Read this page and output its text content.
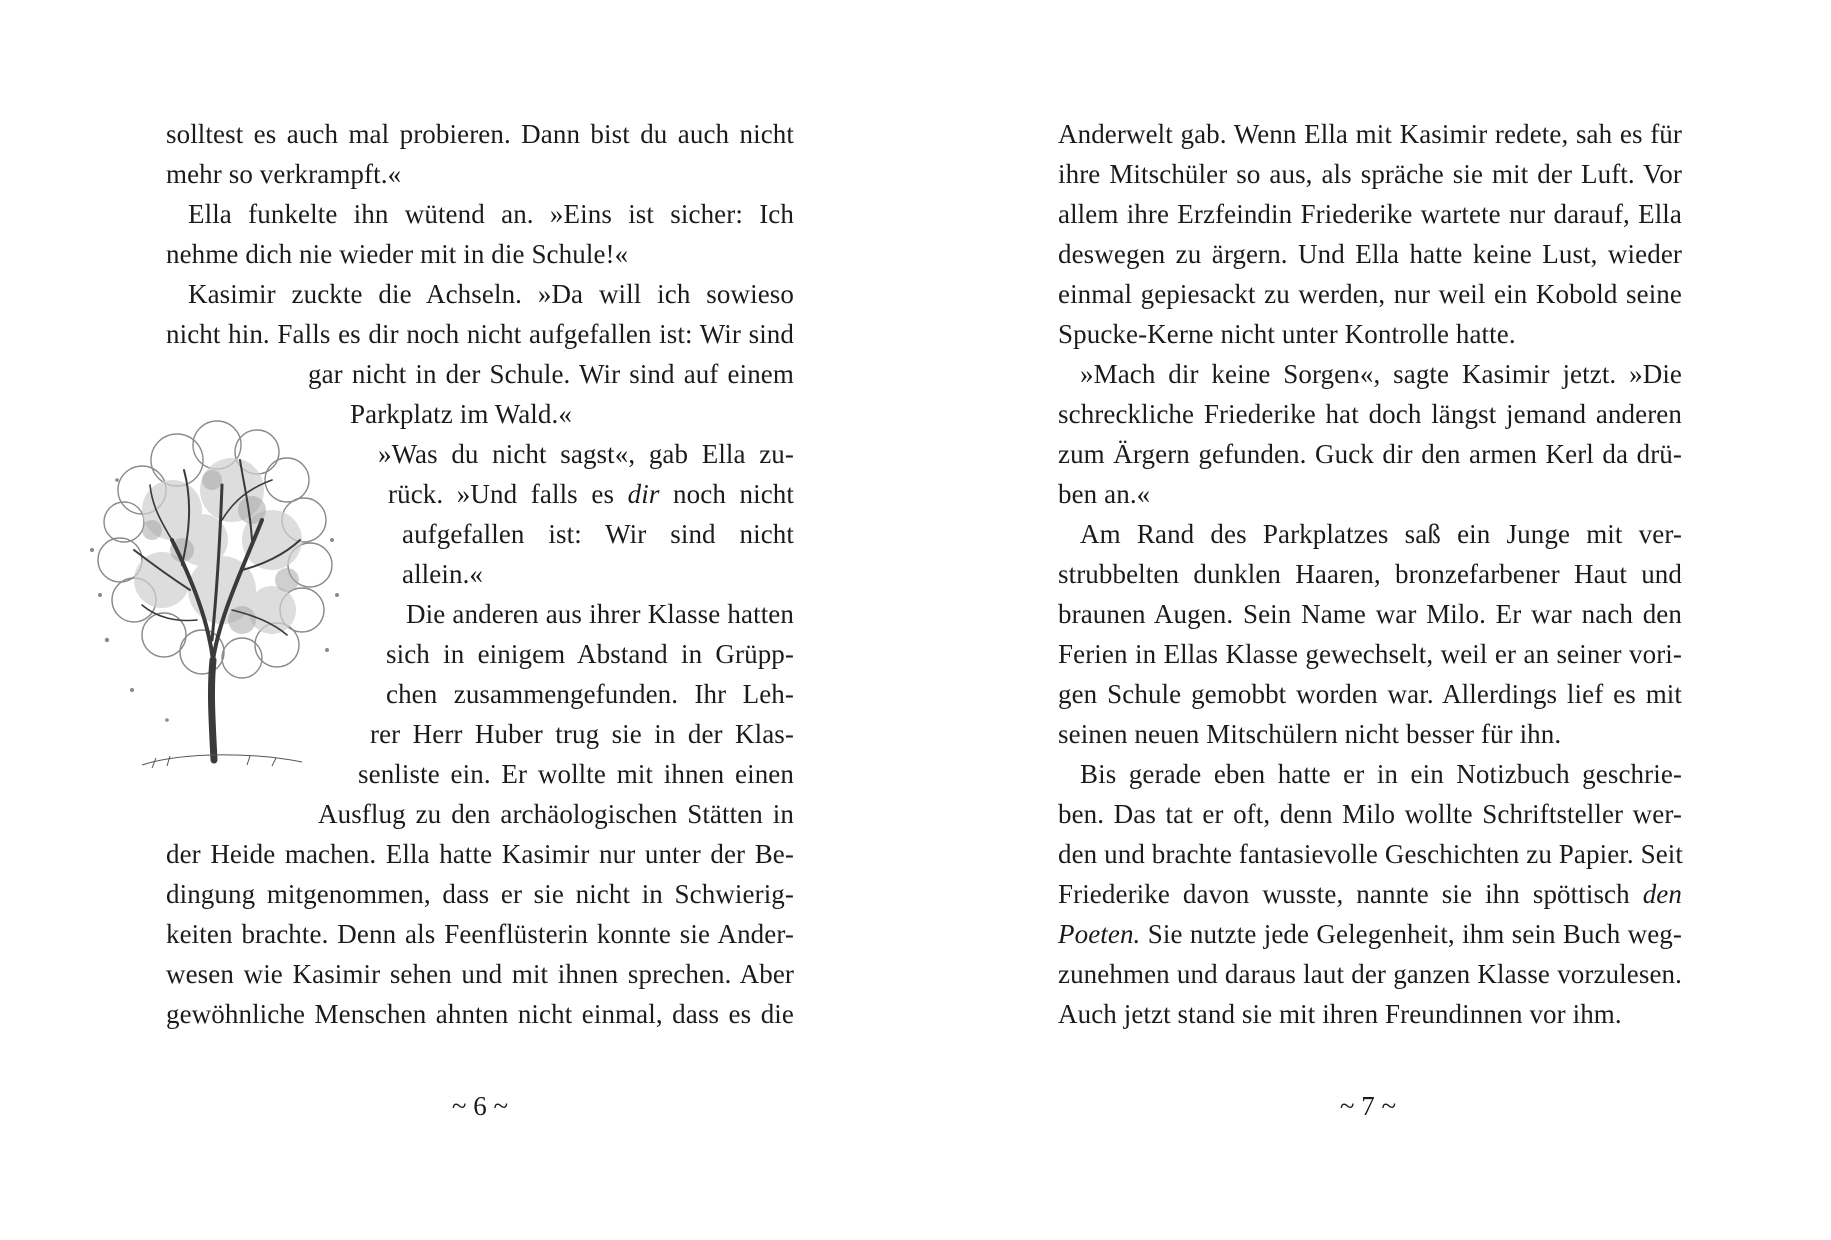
solltest es auch mal probieren. Dann bist du auch nicht
mehr so verkrampft.«
Ella funkelte ihn wütend an. »Eins ist sicher: Ich
nehme dich nie wieder mit in die Schule!«
Kasimir zuckte die Achseln. »Da will ich sowieso
nicht hin. Falls es dir noch nicht aufgefallen ist: Wir sind
gar nicht in der Schule. Wir sind auf einem
Parkplatz im Wald.«
»Was du nicht sagst«, gab Ella zu-
rück. »Und falls es dir noch nicht
aufgefallen ist: Wir sind nicht
allein.«
Die anderen aus ihrer Klasse hatten
sich in einigem Abstand in Grüpp-
chen zusammengefunden. Ihr Leh-
rer Herr Huber trug sie in der Klas-
senliste ein. Er wollte mit ihnen einen
Ausflug zu den archäologischen Stätten in
der Heide machen. Ella hatte Kasimir nur unter der Be-
dingung mitgenommen, dass er sie nicht in Schwierig-
keiten brachte. Denn als Feenflüsterin konnte sie Ander-
wesen wie Kasimir sehen und mit ihnen sprechen. Aber
gewöhnliche Menschen ahnten nicht einmal, dass es die
~ 6 ~
Anderwelt gab. Wenn Ella mit Kasimir redete, sah es für
ihre Mitschüler so aus, als spräche sie mit der Luft. Vor
allem ihre Erzfeindin Friederike wartete nur darauf, Ella
deswegen zu ärgern. Und Ella hatte keine Lust, wieder
einmal gepiesackt zu werden, nur weil ein Kobold seine
Spucke-Kerne nicht unter Kontrolle hatte.
»Mach dir keine Sorgen«, sagte Kasimir jetzt. »Die
schreckliche Friederike hat doch längst jemand anderen
zum Ärgern gefunden. Guck dir den armen Kerl da drü-
ben an.«
Am Rand des Parkplatzes saß ein Junge mit ver-
strubbelten dunklen Haaren, bronzefarbener Haut und
braunen Augen. Sein Name war Milo. Er war nach den
Ferien in Ellas Klasse gewechselt, weil er an seiner vori-
gen Schule gemobbt worden war. Allerdings lief es mit
seinen neuen Mitschülern nicht besser für ihn.
Bis gerade eben hatte er in ein Notizbuch geschrie-
ben. Das tat er oft, denn Milo wollte Schriftsteller wer-
den und brachte fantasievolle Geschichten zu Papier. Seit
Friederike davon wusste, nannte sie ihn spöttisch den
Poeten. Sie nutzte jede Gelegenheit, ihm sein Buch weg-
zunehmen und daraus laut der ganzen Klasse vorzulesen.
Auch jetzt stand sie mit ihren Freundinnen vor ihm.
~ 7 ~
